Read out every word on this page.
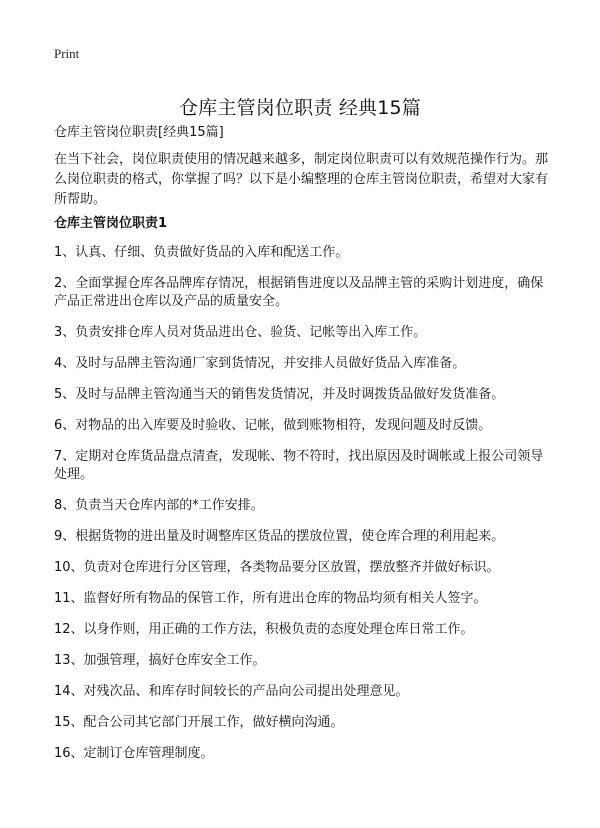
Print
仓库主管岗位职责 经典15篇
仓库主管岗位职责[经典15篇]

在当下社会，岗位职责使用的情况越来越多，制定岗位职责可以有效规范操作行为。那么岗位职责的格式，你掌握了吗？以下是小编整理的仓库主管岗位职责，希望对大家有所帮助。

仓库主管岗位职责1
1、认真、仔细、负责做好货品的入库和配送工作。
2、全面掌握仓库各品牌库存情况，根据销售进度以及品牌主管的采购计划进度，确保产品正常进出仓库以及产品的质量安全。
3、负责安排仓库人员对货品进出仓、验货、记帐等出入库工作。
4、及时与品牌主管沟通厂家到货情况，并安排人员做好货品入库准备。
5、及时与品牌主管沟通当天的销售发货情况，并及时调拨货品做好发货准备。
6、对物品的出入库要及时验收、记帐，做到账物相符，发现问题及时反馈。
7、定期对仓库货品盘点清查，发现帐、物不符时，找出原因及时调帐或上报公司领导处理。
8、负责当天仓库内部的*工作安排。
9、根据货物的进出量及时调整库区货品的摆放位置，使仓库合理的利用起来。
10、负责对仓库进行分区管理，各类物品要分区放置，摆放整齐并做好标识。
11、监督好所有物品的保管工作，所有进出仓库的物品均须有相关人签字。
12、以身作则，用正确的工作方法，积极负责的态度处理仓库日常工作。
13、加强管理，搞好仓库安全工作。
14、对残次品、和库存时间较长的产品向公司提出处理意见。
15、配合公司其它部门开展工作，做好横向沟通。
16、定制订仓库管理制度。
